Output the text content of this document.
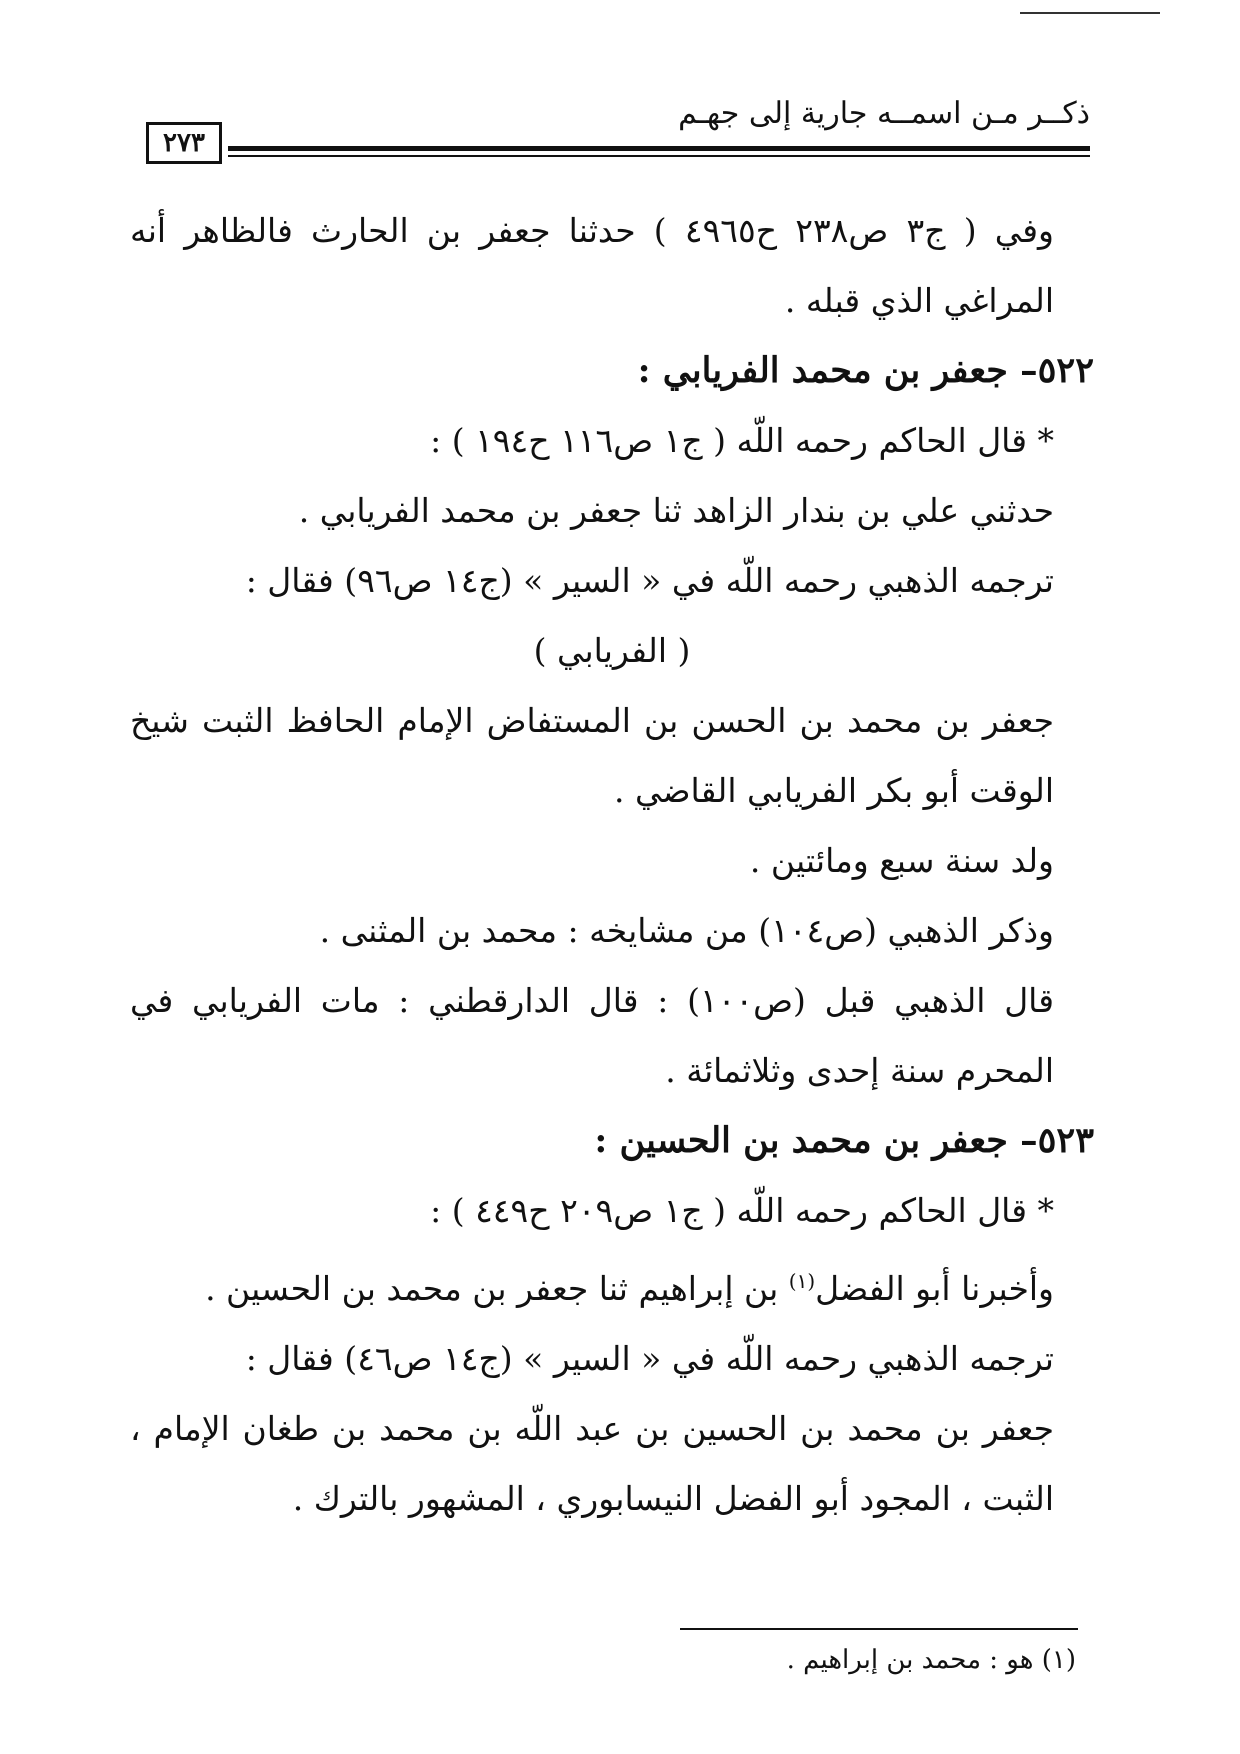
ذكــر مـن اسمــه جارية إلى جهـم
٢٧٣

وفي ( ج٣ ص٢٣٨ ح٤٩٦٥ ) حدثنا جعفر بن الحارث فالظاهر أنه المراغي الذي قبله .

٥٢٢– جعفر بن محمد الفريابي :

* قال الحاكم رحمه اللّه ( ج١ ص١١٦ ح١٩٤ ) :

حدثني علي بن بندار الزاهد ثنا جعفر بن محمد الفريابي .

ترجمه الذهبي رحمه اللّه في « السير » (ج١٤ ص٩٦) فقال :

( الفريابي )

جعفر بن محمد بن الحسن بن المستفاض الإمام الحافظ الثبت شيخ الوقت أبو بكر الفريابي القاضي .

ولد سنة سبع ومائتين .

وذكر الذهبي (ص١٠٤) من مشايخه : محمد بن المثنى .

قال الذهبي قبل (ص١٠٠) : قال الدارقطني : مات الفريابي في المحرم سنة إحدى وثلاثمائة .

٥٢٣– جعفر بن محمد بن الحسين :

* قال الحاكم رحمه اللّه ( ج١ ص٢٠٩ ح٤٤٩ ) :

وأخبرنا أبو الفضل$^{(١)}$ بن إبراهيم ثنا جعفر بن محمد بن الحسين .

ترجمه الذهبي رحمه اللّه في « السير » (ج١٤ ص٤٦) فقال :

جعفر بن محمد بن الحسين بن عبد اللّه بن محمد بن طغان الإمام ، الثبت ، المجود أبو الفضل النيسابوري ، المشهور بالترك .

(١) هو : محمد بن إبراهيم .
